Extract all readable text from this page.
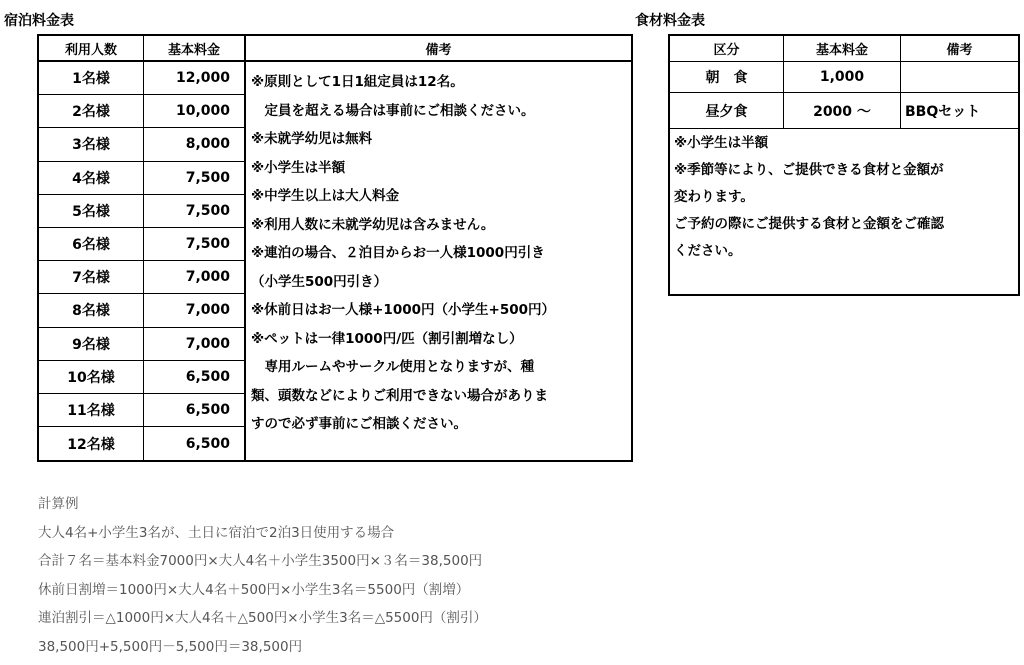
宿泊料金表	食材料金表
利用人数	基本料金	備考
1名様	12,000
2名様	10,000
3名様	8,000
4名様	7,500
5名様	7,500
6名様	7,500
7名様	7,000
8名様	7,000
9名様	7,000
10名様	6,500
11名様	6,500
12名様	6,500
※原則として1日1組定員は12名。
　定員を超える場合は事前にご相談ください。
※未就学幼児は無料
※小学生は半額
※中学生以上は大人料金
※利用人数に未就学幼児は含みません。
※連泊の場合、２泊目からお一人様1000円引き
（小学生500円引き）
※休前日はお一人様+1000円（小学生+500円）
※ペットは一律1000円/匹（割引割増なし）
　専用ルームやサークル使用となりますが、種
類、頭数などによりご利用できない場合がありま
すので必ず事前にご相談ください。
区分	基本料金	備考
朝　食	1,000
昼夕食	2000 ～	BBQセット
※小学生は半額
※季節等により、ご提供できる食材と金額が
変わります。
ご予約の際にご提供する食材と金額をご確認
ください。
計算例
大人4名+小学生3名が、土日に宿泊で2泊3日使用する場合
合計７名＝基本料金7000円×大人4名＋小学生3500円×３名＝38,500円
休前日割増＝1000円×大人4名＋500円×小学生3名＝5500円（割増）
連泊割引＝△1000円×大人4名＋△500円×小学生3名＝△5500円（割引）
38,500円+5,500円－5,500円＝38,500円
